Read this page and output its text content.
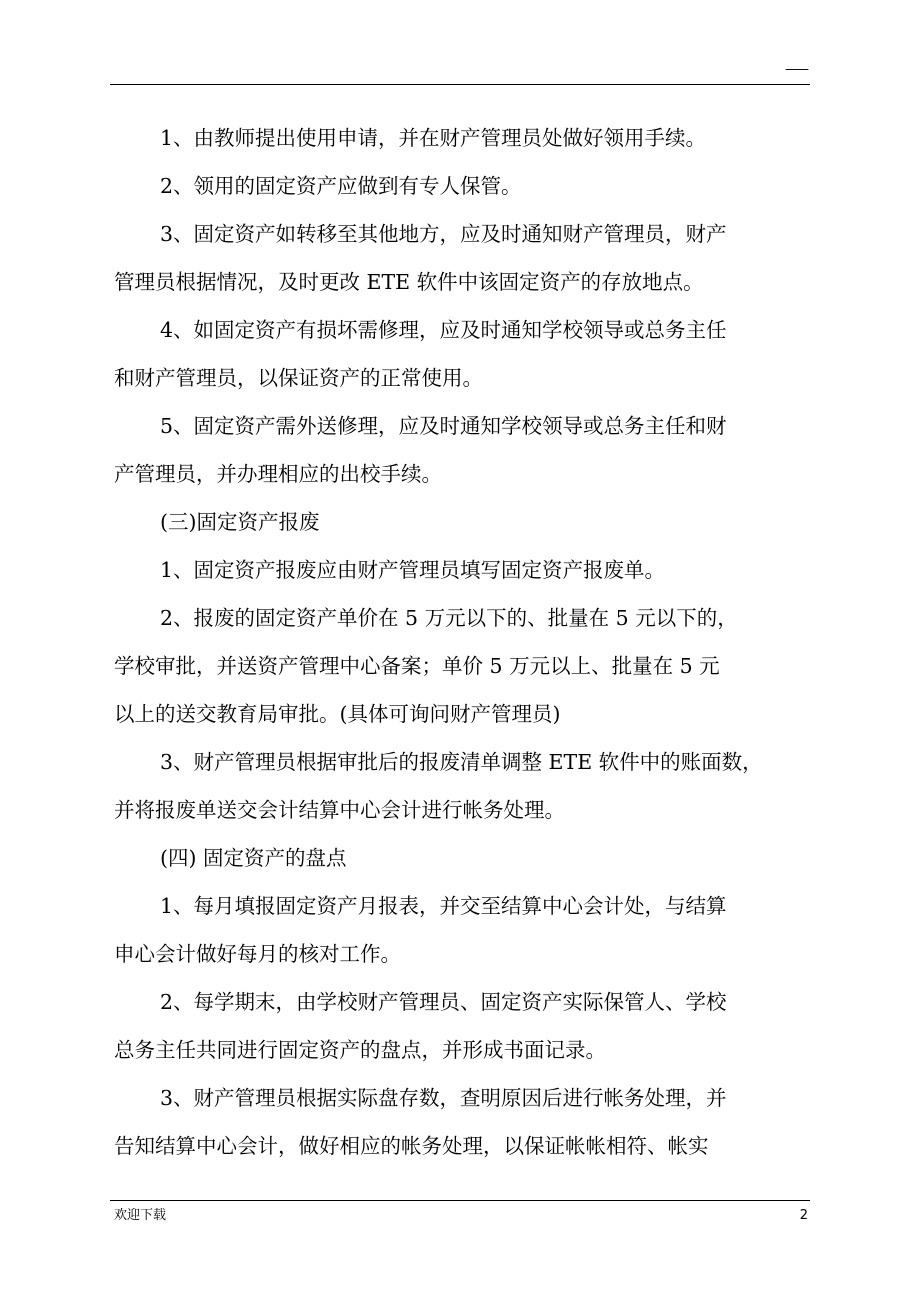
——
1、由教师提出使用申请，并在财产管理员处做好领用手续。
2、领用的固定资产应做到有专人保管。
3、固定资产如转移至其他地方，应及时通知财产管理员，财产
管理员根据情况，及时更改 ETE 软件中该固定资产的存放地点。
4、如固定资产有损坏需修理，应及时通知学校领导或总务主任
和财产管理员，以保证资产的正常使用。
5、固定资产需外送修理，应及时通知学校领导或总务主任和财
产管理员，并办理相应的出校手续。
(三)固定资产报废
1、固定资产报废应由财产管理员填写固定资产报废单。
2、报废的固定资产单价在 5 万元以下的、批量在 5 元以下的，
学校审批，并送资产管理中心备案；单价 5 万元以上、批量在 5 元
以上的送交教育局审批。(具体可询问财产管理员)
3、财产管理员根据审批后的报废清单调整 ETE 软件中的账面数，
并将报废单送交会计结算中心会计进行帐务处理。
(四) 固定资产的盘点
1、每月填报固定资产月报表，并交至结算中心会计处，与结算
申心会计做好每月的核对工作。
2、每学期末，由学校财产管理员、固定资产实际保管人、学校
总务主任共同进行固定资产的盘点，并形成书面记录。
3、财产管理员根据实际盘存数，查明原因后进行帐务处理，并
告知结算中心会计，做好相应的帐务处理，以保证帐帐相符、帐实
欢迎下载	2
